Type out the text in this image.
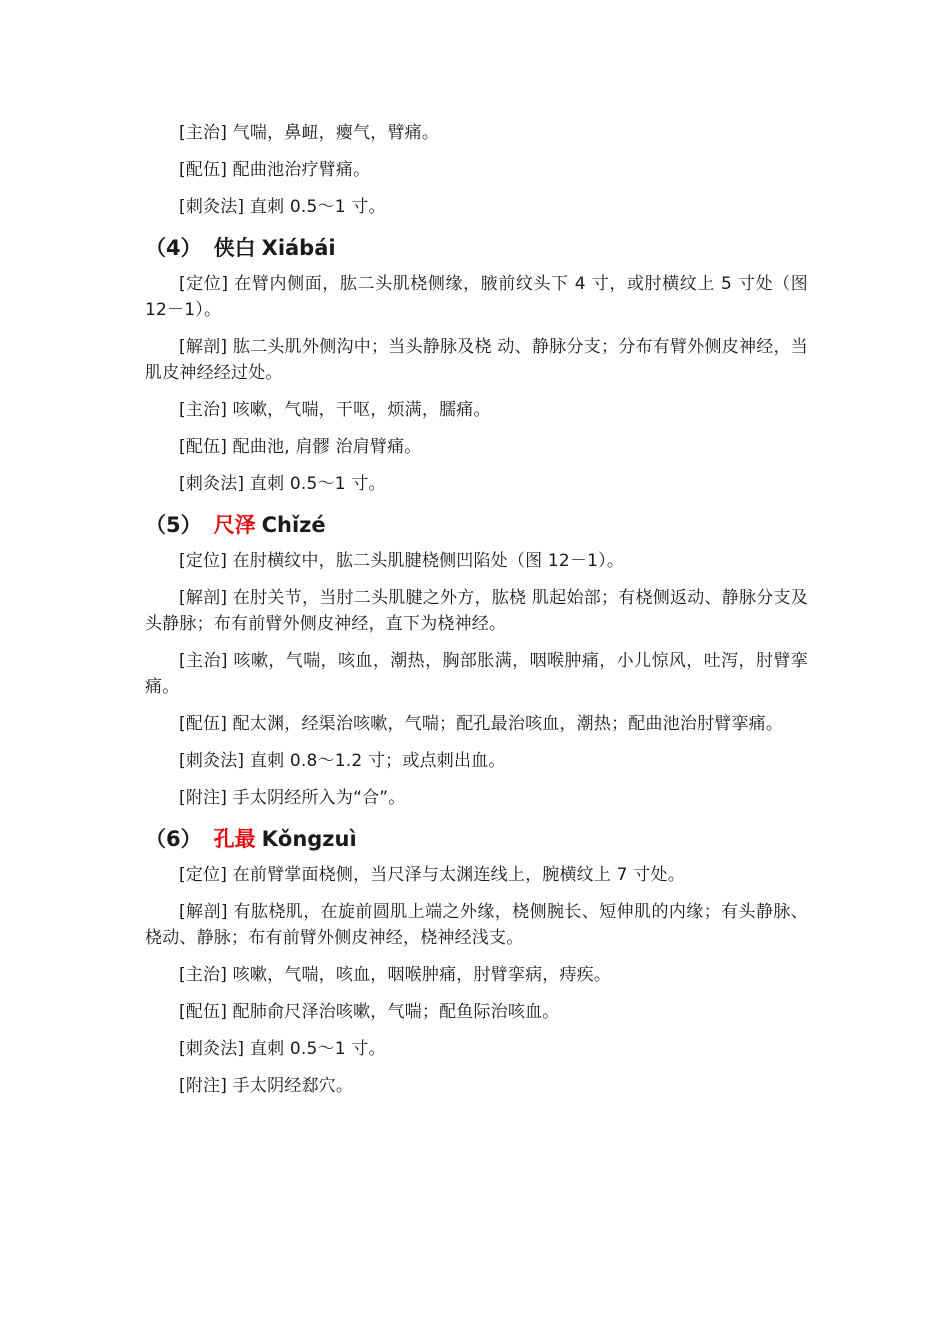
[主治] 气喘，鼻衄，瘿气，臂痛。

[配伍] 配曲池治疗臂痛。

[刺灸法] 直刺 0.5～1 寸。

（4） 侠白 Xiábái

[定位] 在臂内侧面，肱二头肌桡侧缘，腋前纹头下 4 寸，或肘横纹上 5 寸处（图 12－1）。

[解剖] 肱二头肌外侧沟中；当头静脉及桡 动、静脉分支；分布有臂外侧皮神经，当肌皮神经经过处。

[主治] 咳嗽，气喘，干呕，烦满，臑痛。

[配伍] 配曲池, 肩髎 治肩臂痛。

[刺灸法] 直刺 0.5～1 寸。

（5） 尺泽 Chǐzé

[定位] 在肘横纹中，肱二头肌腱桡侧凹陷处（图 12－1）。

[解剖] 在肘关节，当肘二头肌腱之外方，肱桡 肌起始部；有桡侧返动、静脉分支及头静脉；布有前臂外侧皮神经，直下为桡神经。

[主治] 咳嗽，气喘，咳血，潮热，胸部胀满，咽喉肿痛，小儿惊风，吐泻，肘臂挛痛。

[配伍] 配太渊，经渠治咳嗽，气喘；配孔最治咳血，潮热；配曲池治肘臂挛痛。

[刺灸法] 直刺 0.8～1.2 寸；或点刺出血。

[附注] 手太阴经所入为“合”。

（6） 孔最 Kǒngzuì

[定位] 在前臂掌面桡侧，当尺泽与太渊连线上，腕横纹上 7 寸处。

[解剖] 有肱桡肌，在旋前圆肌上端之外缘，桡侧腕长、短伸肌的内缘；有头静脉、桡动、静脉；布有前臂外侧皮神经，桡神经浅支。

[主治] 咳嗽，气喘，咳血，咽喉肿痛，肘臂挛病，痔疾。

[配伍] 配肺俞尺泽治咳嗽，气喘；配鱼际治咳血。

[刺灸法] 直刺 0.5～1 寸。

[附注] 手太阴经郄穴。
